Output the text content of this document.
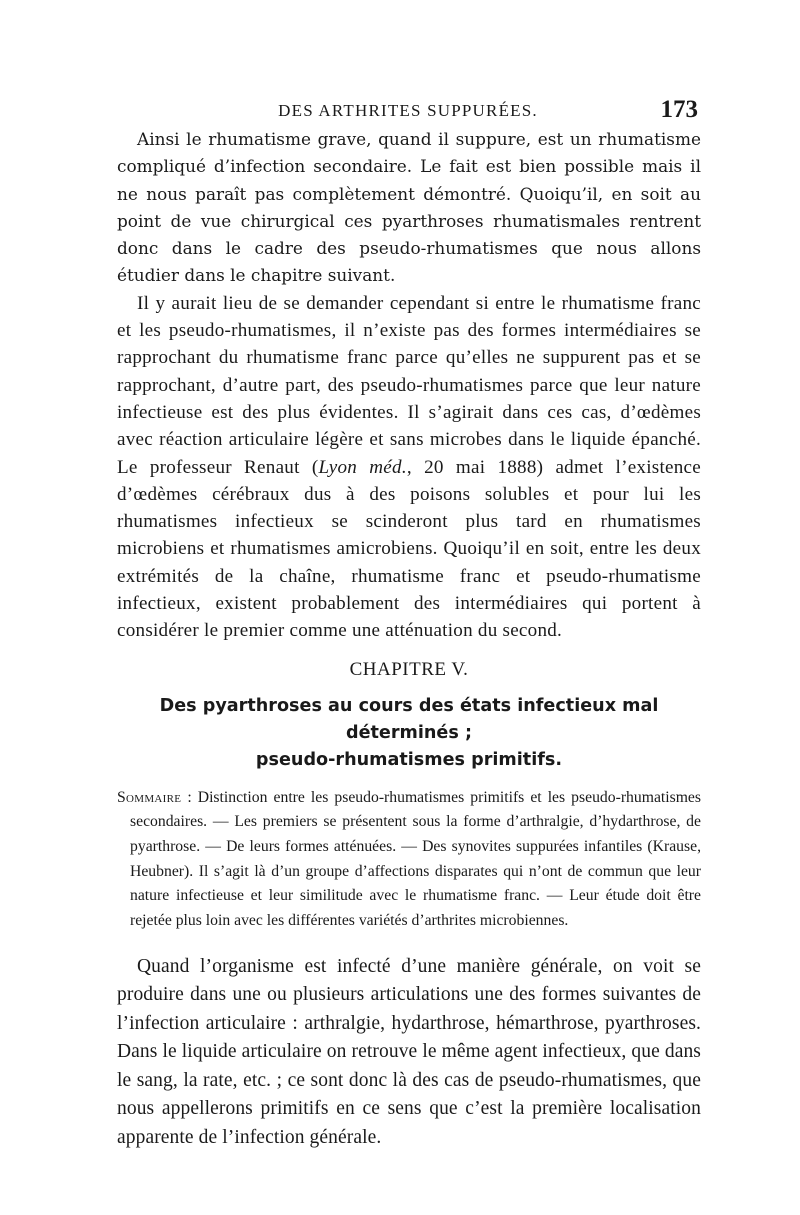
DES ARTHRITES SUPPURÉES.	173

Ainsi le rhumatisme grave, quand il suppure, est un rhumatisme compliqué d’infection secondaire. Le fait est bien possible mais il ne nous paraît pas complètement démontré. Quoiqu’il, en soit au point de vue chirurgical ces pyarthroses rhumatismales rentrent donc dans le cadre des pseudo-rhumatismes que nous allons étudier dans le chapitre suivant.

Il y aurait lieu de se demander cependant si entre le rhumatisme franc et les pseudo-rhumatismes, il n’existe pas des formes intermédiaires se rapprochant du rhumatisme franc parce qu’elles ne suppurent pas et se rapprochant, d’autre part, des pseudo-rhumatismes parce que leur nature infectieuse est des plus évidentes. Il s’agirait dans ces cas, d’œdèmes avec réaction articulaire légère et sans microbes dans le liquide épanché. Le professeur Renaut (Lyon méd., 20 mai 1888) admet l’existence d’œdèmes cérébraux dus à des poisons solubles et pour lui les rhumatismes infectieux se scinderont plus tard en rhumatismes microbiens et rhumatismes amicrobiens. Quoiqu’il en soit, entre les deux extrémités de la chaîne, rhumatisme franc et pseudo-rhumatisme infectieux, existent probablement des intermédiaires qui portent à considérer le premier comme une atténuation du second.

CHAPITRE V.
Des pyarthroses au cours des états infectieux mal déterminés ;
pseudo-rhumatismes primitifs.
Sommaire : Distinction entre les pseudo-rhumatismes primitifs et les pseudo-rhumatismes secondaires. — Les premiers se présentent sous la forme d’arthralgie, d’hydarthrose, de pyarthrose. — De leurs formes atténuées. — Des synovites suppurées infantiles (Krause, Heubner). Il s’agit là d’un groupe d’affections disparates qui n’ont de commun que leur nature infectieuse et leur similitude avec le rhumatisme franc. — Leur étude doit être rejetée plus loin avec les différentes variétés d’arthrites microbiennes.

Quand l’organisme est infecté d’une manière générale, on voit se produire dans une ou plusieurs articulations une des formes suivantes de l’infection articulaire : arthralgie, hydarthrose, hémarthrose, pyarthroses. Dans le liquide articulaire on retrouve le même agent infectieux, que dans le sang, la rate, etc. ; ce sont donc là des cas de pseudo-rhumatismes, que nous appellerons primitifs en ce sens que c’est la première localisation apparente de l’infection générale.
